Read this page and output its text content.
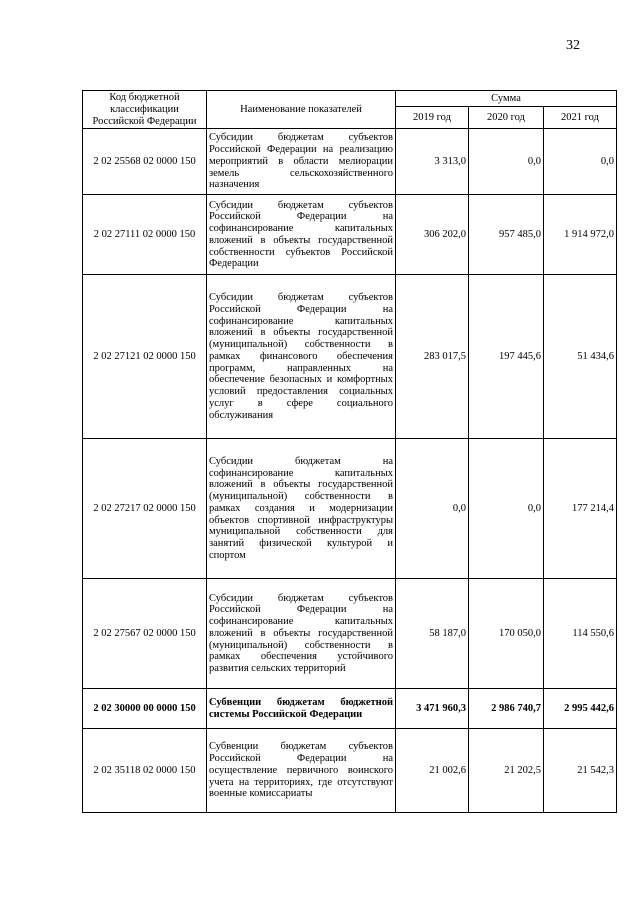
32
Код бюджетной классификации Российской Федерации	Наименование показателей	Сумма		
		2019 год	2020 год	2021 год
2 02 25568 02 0000 150	Субсидии бюджетам субъектов Российской Федерации на реализацию мероприятий в области мелиорации земель сельскохозяйственного назначения	3 313,0	0,0	0,0
2 02 27111 02 0000 150	Субсидии бюджетам субъектов Российской Федерации на софинансирование капитальных вложений в объекты государственной собственности субъектов Российской Федерации	306 202,0	957 485,0	1 914 972,0
2 02 27121 02 0000 150	Субсидии бюджетам субъектов Российской Федерации на софинансирование капитальных вложений в объекты государственной (муниципальной) собственности в рамках финансового обеспечения программ, направленных на обеспечение безопасных и комфортных условий предоставления социальных услуг в сфере социального обслуживания	283 017,5	197 445,6	51 434,6
2 02 27217 02 0000 150	Субсидии бюджетам на софинансирование капитальных вложений в объекты государственной (муниципальной) собственности в рамках создания и модернизации объектов спортивной инфраструктуры муниципальной собственности для занятий физической культурой и спортом	0,0	0,0	177 214,4
2 02 27567 02 0000 150	Субсидии бюджетам субъектов Российской Федерации на софинансирование капитальных вложений в объекты государственной (муниципальной) собственности в рамках обеспечения устойчивого развития сельских территорий	58 187,0	170 050,0	114 550,6
2 02 30000 00 0000 150	Субвенции бюджетам бюджетной системы Российской Федерации	3 471 960,3	2 986 740,7	2 995 442,6
2 02 35118 02 0000 150	Субвенции бюджетам субъектов Российской Федерации на осуществление первичного воинского учета на территориях, где отсутствуют военные комиссариаты	21 002,6	21 202,5	21 542,3
